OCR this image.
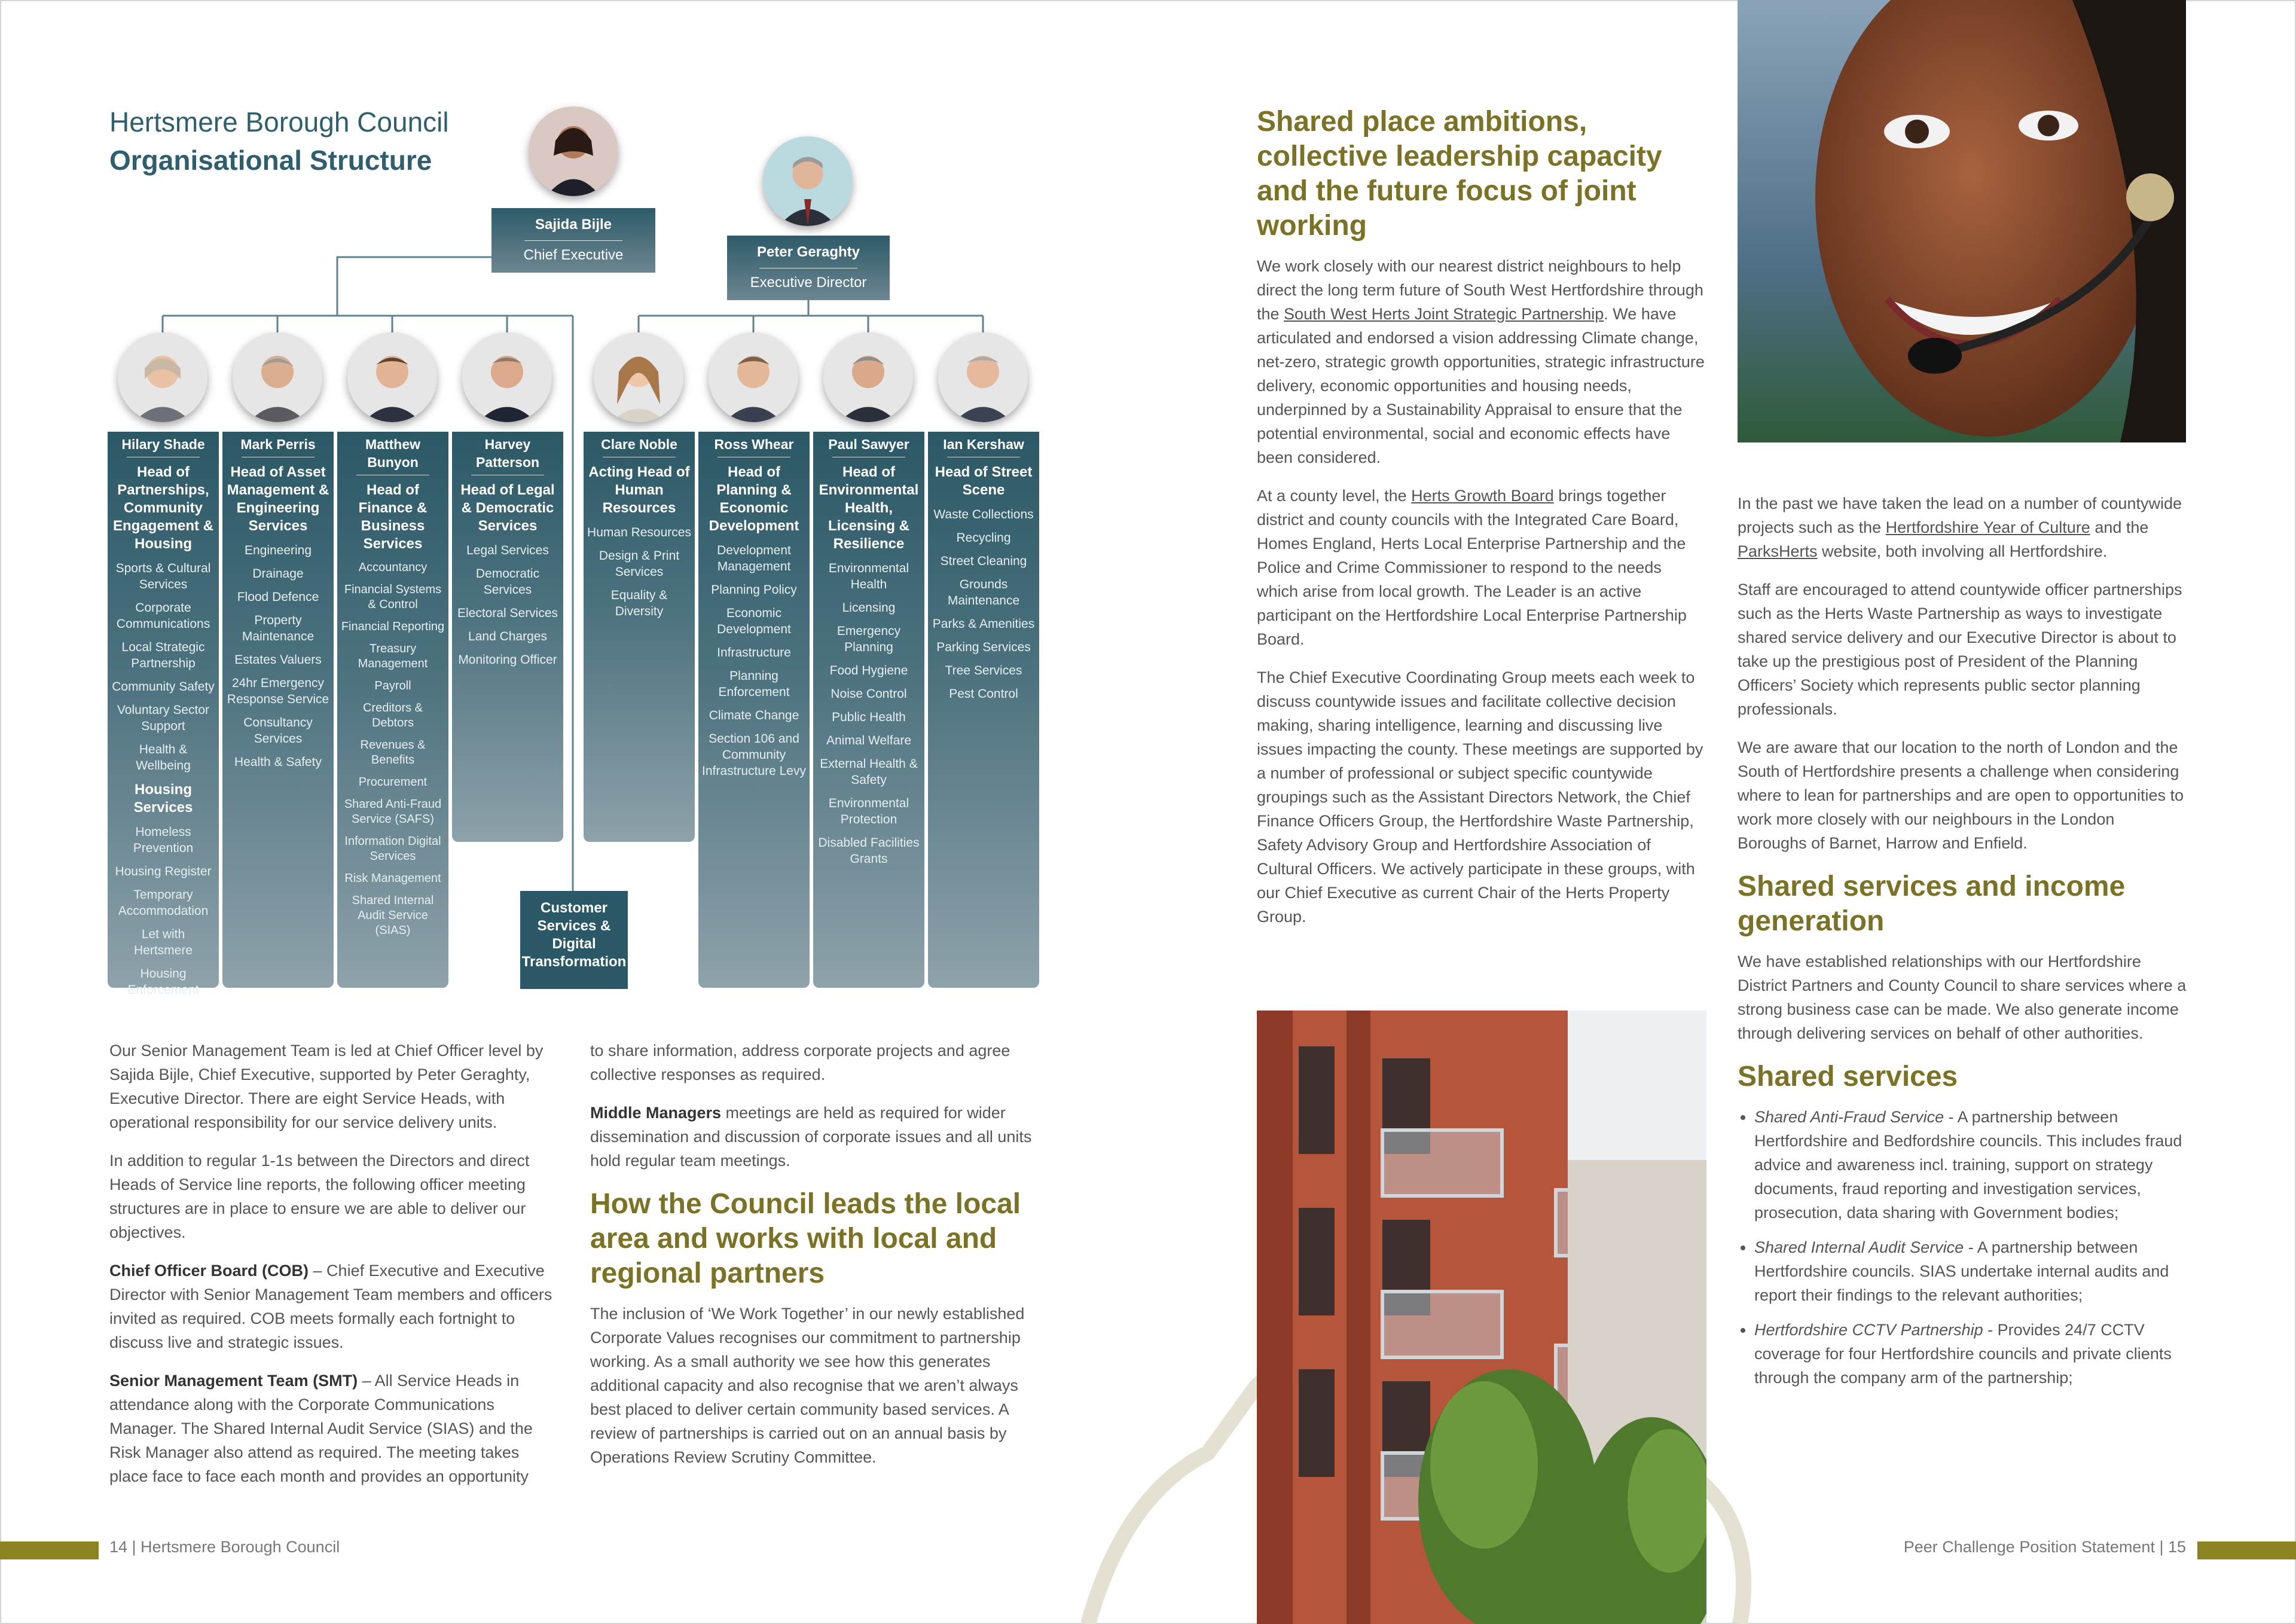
Hertsmere Borough Council
Organisational Structure
Sajida Bijle
Chief Executive	Peter Geraghty
Executive Director
Hilary Shade
Head of Partnerships, Community Engagement & Housing
Sports & Cultural Services
Corporate Communications
Local Strategic Partnership
Community Safety
Voluntary Sector Support
Health & Wellbeing
Housing Services
Homeless Prevention
Housing Register
Temporary Accommodation
Let with Hertsmere
Housing Enforcement
Mark Perris
Head of Asset Management & Engineering Services
Engineering
Drainage
Flood Defence
Property Maintenance
Estates Valuers
24hr Emergency Response Service
Consultancy Services
Health & Safety
Matthew Bunyon
Head of Finance & Business Services
Accountancy
Financial Systems & Control
Financial Reporting
Treasury Management
Payroll
Creditors & Debtors
Revenues & Benefits
Procurement
Shared Anti-Fraud Service (SAFS)
Information Digital Services
Risk Management
Shared Internal Audit Service (SIAS)
Harvey Patterson
Head of Legal & Democratic Services
Legal Services
Democratic Services
Electoral Services
Land Charges
Monitoring Officer
Clare Noble
Acting Head of Human Resources
Human Resources
Design & Print Services
Equality & Diversity
Ross Whear
Head of Planning & Economic Development
Development Management
Planning Policy
Economic Development
Infrastructure
Planning Enforcement
Climate Change
Section 106 and Community Infrastructure Levy
Paul Sawyer
Head of Environmental Health, Licensing & Resilience
Environmental Health
Licensing
Emergency Planning
Food Hygiene
Noise Control
Public Health
Animal Welfare
External Health & Safety
Environmental Protection
Disabled Facilities Grants
Ian Kershaw
Head of Street Scene
Waste Collections
Recycling
Street Cleaning
Grounds Maintenance
Parks & Amenities
Parking Services
Tree Services
Pest Control
Customer Services & Digital Transformation

Our Senior Management Team is led at Chief Officer level by Sajida Bijle, Chief Executive, supported by Peter Geraghty, Executive Director. There are eight Service Heads, with operational responsibility for our service delivery units.

In addition to regular 1-1s between the Directors and direct Heads of Service line reports, the following officer meeting structures are in place to ensure we are able to deliver our objectives.

Chief Officer Board (COB) – Chief Executive and Executive Director with Senior Management Team members and officers invited as required. COB meets formally each fortnight to discuss live and strategic issues.

Senior Management Team (SMT) – All Service Heads in attendance along with the Corporate Communications Manager. The Shared Internal Audit Service (SIAS) and the Risk Manager also attend as required. The meeting takes place face to face each month and provides an opportunity

to share information, address corporate projects and agree collective responses as required.

Middle Managers meetings are held as required for wider dissemination and discussion of corporate issues and all units hold regular team meetings.

How the Council leads the local area and works with local and regional partners

The inclusion of ‘We Work Together’ in our newly established Corporate Values recognises our commitment to partnership working. As a small authority we see how this generates additional capacity and also recognise that we aren’t always best placed to deliver certain community based services. A review of partnerships is carried out on an annual basis by Operations Review Scrutiny Committee.

Shared place ambitions, collective leadership capacity and the future focus of joint working

We work closely with our nearest district neighbours to help direct the long term future of South West Hertfordshire through the South West Herts Joint Strategic Partnership. We have articulated and endorsed a vision addressing Climate change, net-zero, strategic growth opportunities, strategic infrastructure delivery, economic opportunities and housing needs, underpinned by a Sustainability Appraisal to ensure that the potential environmental, social and economic effects have been considered.

At a county level, the Herts Growth Board brings together district and county councils with the Integrated Care Board, Homes England, Herts Local Enterprise Partnership and the Police and Crime Commissioner to respond to the needs which arise from local growth. The Leader is an active participant on the Hertfordshire Local Enterprise Partnership Board.

The Chief Executive Coordinating Group meets each week to discuss countywide issues and facilitate collective decision making, sharing intelligence, learning and discussing live issues impacting the county. These meetings are supported by a number of professional or subject specific countywide groupings such as the Assistant Directors Network, the Chief Finance Officers Group, the Hertfordshire Waste Partnership, Safety Advisory Group and Hertfordshire Association of Cultural Officers. We actively participate in these groups, with our Chief Executive as current Chair of the Herts Property Group.

In the past we have taken the lead on a number of countywide projects such as the Hertfordshire Year of Culture and the ParksHerts website, both involving all Hertfordshire.

Staff are encouraged to attend countywide officer partnerships such as the Herts Waste Partnership as ways to investigate shared service delivery and our Executive Director is about to take up the prestigious post of President of the Planning Officers’ Society which represents public sector planning professionals.

We are aware that our location to the north of London and the South of Hertfordshire presents a challenge when considering where to lean for partnerships and are open to opportunities to work more closely with our neighbours in the London Boroughs of Barnet, Harrow and Enfield.

Shared services and income generation

We have established relationships with our Hertfordshire District Partners and County Council to share services where a strong business case can be made. We also generate income through delivering services on behalf of other authorities.

Shared services
• Shared Anti-Fraud Service - A partnership between Hertfordshire and Bedfordshire councils. This includes fraud advice and awareness incl. training, support on strategy documents, fraud reporting and investigation services, prosecution, data sharing with Government bodies;
• Shared Internal Audit Service - A partnership between Hertfordshire councils. SIAS undertake internal audits and report their findings to the relevant authorities;
• Hertfordshire CCTV Partnership - Provides 24/7 CCTV coverage for four Hertfordshire councils and private clients through the company arm of the partnership;
14 | Hertsmere Borough Council	Peer Challenge Position Statement | 15
